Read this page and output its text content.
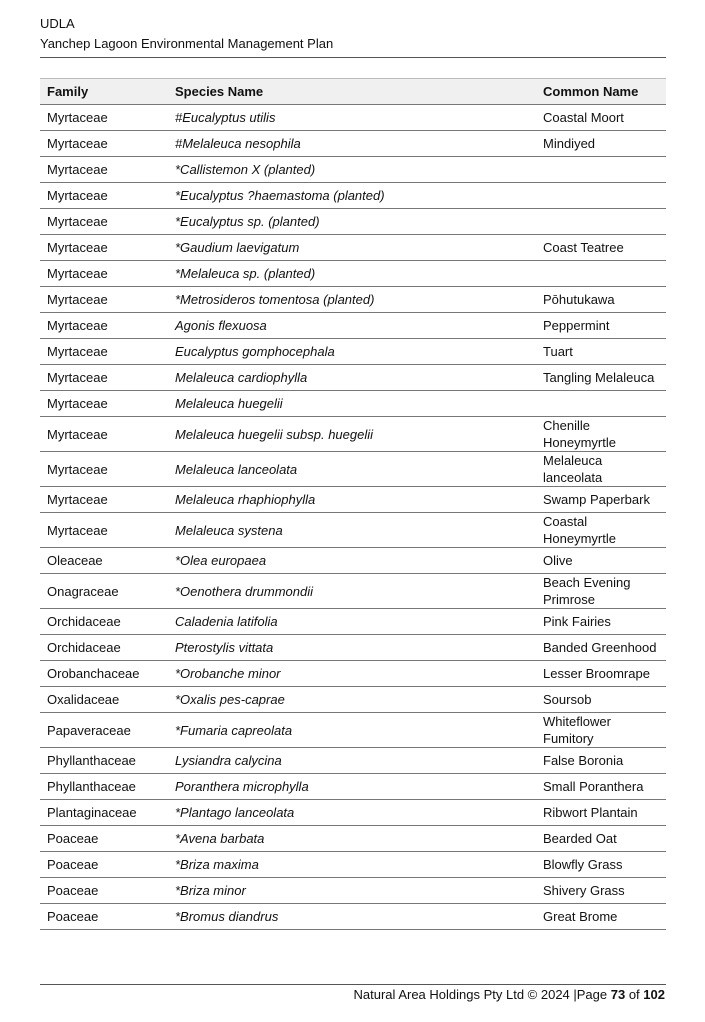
UDLA
Yanchep Lagoon Environmental Management Plan
Family	Species Name	Common Name
Myrtaceae	#Eucalyptus utilis	Coastal Moort
Myrtaceae	#Melaleuca nesophila	Mindiyed
Myrtaceae	*Callistemon X (planted)	
Myrtaceae	*Eucalyptus ?haemastoma (planted)	
Myrtaceae	*Eucalyptus sp. (planted)	
Myrtaceae	*Gaudium laevigatum	Coast Teatree
Myrtaceae	*Melaleuca sp. (planted)	
Myrtaceae	*Metrosideros tomentosa (planted)	Pōhutukawa
Myrtaceae	Agonis flexuosa	Peppermint
Myrtaceae	Eucalyptus gomphocephala	Tuart
Myrtaceae	Melaleuca cardiophylla	Tangling Melaleuca
Myrtaceae	Melaleuca huegelii	
Myrtaceae	Melaleuca huegelii subsp. huegelii	Chenille Honeymyrtle
Myrtaceae	Melaleuca lanceolata	Melaleuca lanceolata
Myrtaceae	Melaleuca rhaphiophylla	Swamp Paperbark
Myrtaceae	Melaleuca systena	Coastal Honeymyrtle
Oleaceae	*Olea europaea	Olive
Onagraceae	*Oenothera drummondii	Beach Evening Primrose
Orchidaceae	Caladenia latifolia	Pink Fairies
Orchidaceae	Pterostylis vittata	Banded Greenhood
Orobanchaceae	*Orobanche minor	Lesser Broomrape
Oxalidaceae	*Oxalis pes-caprae	Soursob
Papaveraceae	*Fumaria capreolata	Whiteflower Fumitory
Phyllanthaceae	Lysiandra calycina	False Boronia
Phyllanthaceae	Poranthera microphylla	Small Poranthera
Plantaginaceae	*Plantago lanceolata	Ribwort Plantain
Poaceae	*Avena barbata	Bearded Oat
Poaceae	*Briza maxima	Blowfly Grass
Poaceae	*Briza minor	Shivery Grass
Poaceae	*Bromus diandrus	Great Brome
Natural Area Holdings Pty Ltd © 2024 |Page 73 of 102
